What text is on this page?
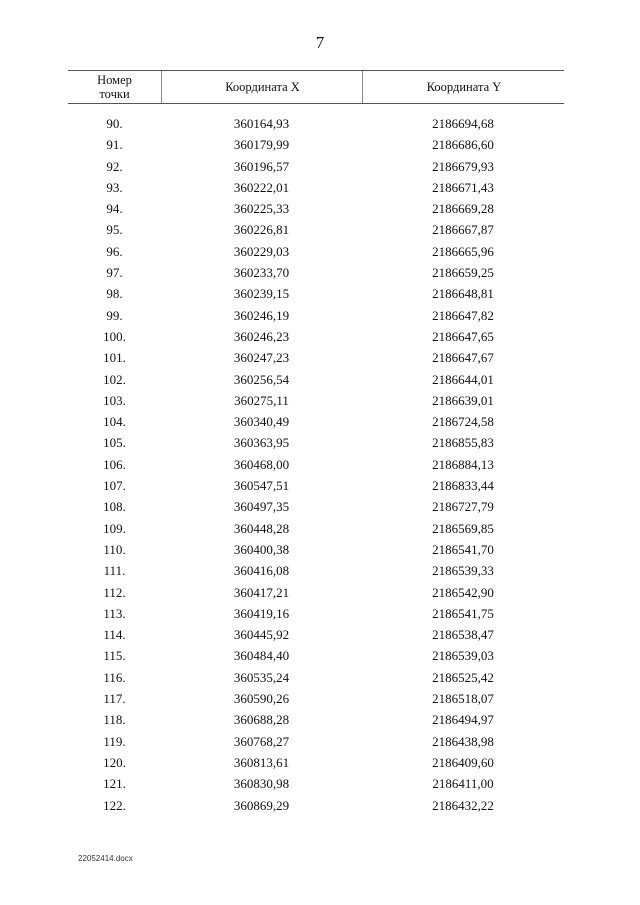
7
Номер
точки	Координата X	Координата Y
90.	360164,93	2186694,68
91.	360179,99	2186686,60
92.	360196,57	2186679,93
93.	360222,01	2186671,43
94.	360225,33	2186669,28
95.	360226,81	2186667,87
96.	360229,03	2186665,96
97.	360233,70	2186659,25
98.	360239,15	2186648,81
99.	360246,19	2186647,82
100.	360246,23	2186647,65
101.	360247,23	2186647,67
102.	360256,54	2186644,01
103.	360275,11	2186639,01
104.	360340,49	2186724,58
105.	360363,95	2186855,83
106.	360468,00	2186884,13
107.	360547,51	2186833,44
108.	360497,35	2186727,79
109.	360448,28	2186569,85
110.	360400,38	2186541,70
111.	360416,08	2186539,33
112.	360417,21	2186542,90
113.	360419,16	2186541,75
114.	360445,92	2186538,47
115.	360484,40	2186539,03
116.	360535,24	2186525,42
117.	360590,26	2186518,07
118.	360688,28	2186494,97
119.	360768,27	2186438,98
120.	360813,61	2186409,60
121.	360830,98	2186411,00
122.	360869,29	2186432,22
22052414.docx
